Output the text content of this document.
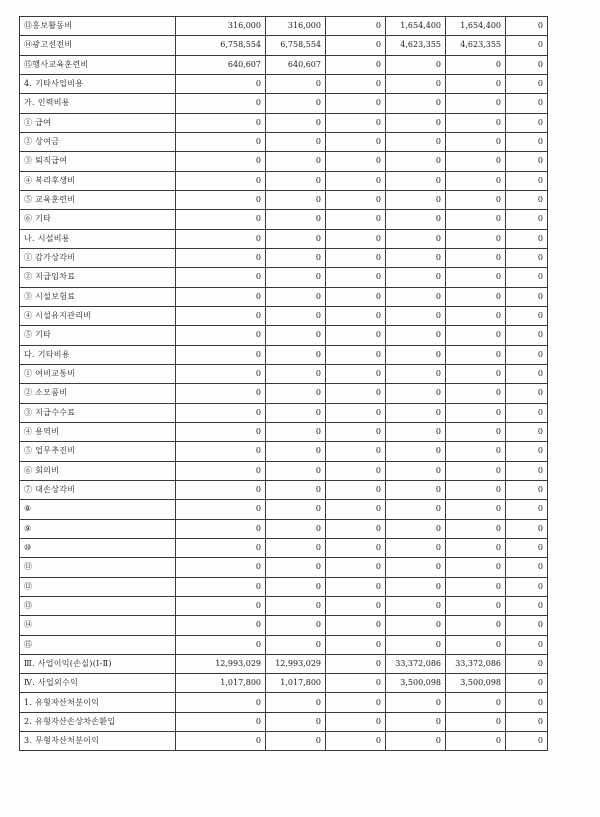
⑬홍보활동비	316,000	316,000	0	1,654,400	1,654,400	0
⑭광고선전비	6,758,554	6,758,554	0	4,623,355	4,623,355	0
⑮행사교육훈련비	640,607	640,607	0	0	0	0
4. 기타사업비용	0	0	0	0	0	0
가. 인력비용	0	0	0	0	0	0
① 급여	0	0	0	0	0	0
② 상여금	0	0	0	0	0	0
③ 퇴직급여	0	0	0	0	0	0
④ 복리후생비	0	0	0	0	0	0
⑤ 교육훈련비	0	0	0	0	0	0
⑥ 기타	0	0	0	0	0	0
나. 시설비용	0	0	0	0	0	0
① 감가상각비	0	0	0	0	0	0
② 지급임차료	0	0	0	0	0	0
③ 시설보험료	0	0	0	0	0	0
④ 시설유지관리비	0	0	0	0	0	0
⑤ 기타	0	0	0	0	0	0
다. 기타비용	0	0	0	0	0	0
① 여비교통비	0	0	0	0	0	0
② 소모품비	0	0	0	0	0	0
③ 지급수수료	0	0	0	0	0	0
④ 용역비	0	0	0	0	0	0
⑤ 업무추진비	0	0	0	0	0	0
⑥ 회의비	0	0	0	0	0	0
⑦ 대손상각비	0	0	0	0	0	0
⑧	0	0	0	0	0	0
⑨	0	0	0	0	0	0
⑩	0	0	0	0	0	0
⑪	0	0	0	0	0	0
⑫	0	0	0	0	0	0
⑬	0	0	0	0	0	0
⑭	0	0	0	0	0	0
⑮	0	0	0	0	0	0
Ⅲ. 사업이익(손실)(Ⅰ-Ⅱ)	12,993,029	12,993,029	0	33,372,086	33,372,086	0
Ⅳ. 사업외수익	1,017,800	1,017,800	0	3,500,098	3,500,098	0
1. 유형자산처분이익	0	0	0	0	0	0
2. 유형자산손상차손환입	0	0	0	0	0	0
3. 무형자산처분이익	0	0	0	0	0	0
